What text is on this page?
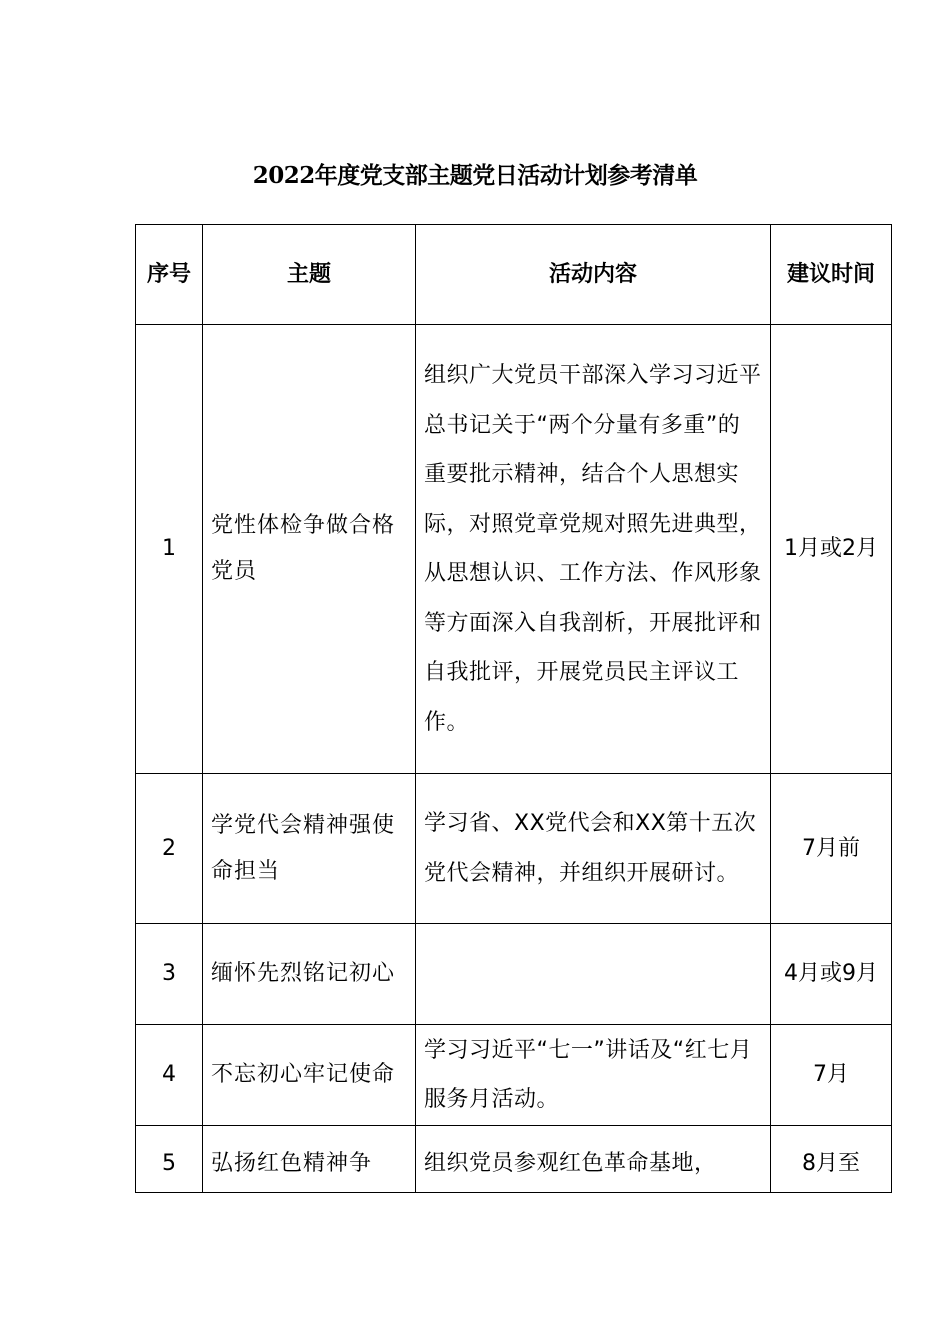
2022年度党支部主题党日活动计划参考清单
序号	主题	活动内容	建议时间
1	党性体检争做合格党员	组织广大党员干部深入学习习近平总书记关于“两个分量有多重”的重要批示精神，结合个人思想实际，对照党章党规对照先进典型，从思想认识、工作方法、作风形象等方面深入自我剖析，开展批评和自我批评，开展党员民主评议工作。	1月或2月
2	学党代会精神强使命担当	学习省、XX党代会和XX第十五次党代会精神，并组织开展研讨。	7月前
3	缅怀先烈铭记初心		4月或9月
4	不忘初心牢记使命	学习习近平“七一”讲话及“红七月服务月活动。	7月
5	弘扬红色精神争	组织党员参观红色革命基地，	8月至
